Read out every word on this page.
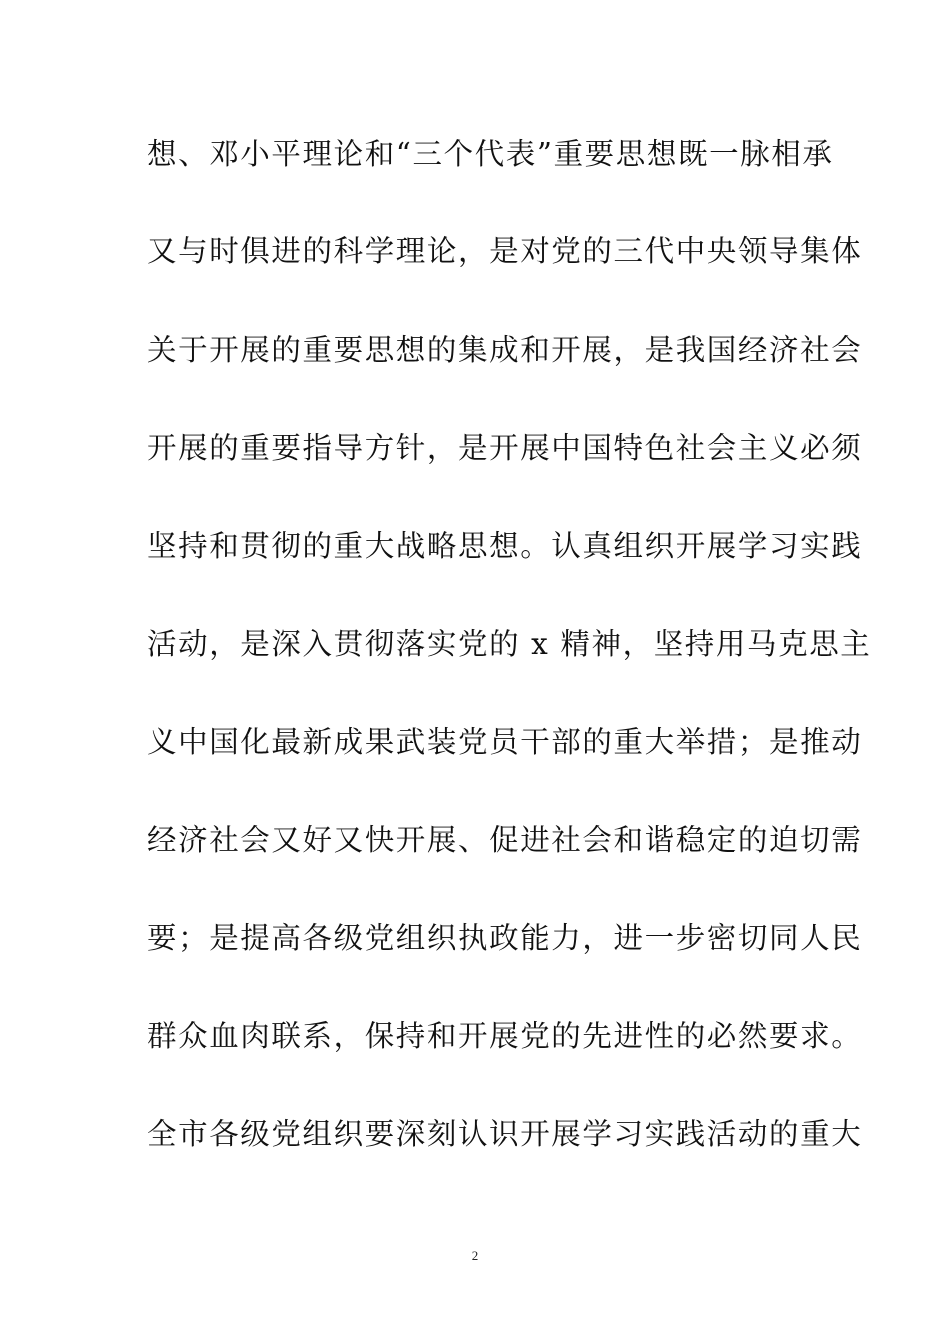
想、邓小平理论和“三个代表”重要思想既一脉相承
又与时俱进的科学理论，是对党的三代中央领导集体
关于开展的重要思想的集成和开展，是我国经济社会
开展的重要指导方针，是开展中国特色社会主义必须
坚持和贯彻的重大战略思想。认真组织开展学习实践
活动，是深入贯彻落实党的 x 精神，坚持用马克思主
义中国化最新成果武装党员干部的重大举措；是推动
经济社会又好又快开展、促进社会和谐稳定的迫切需
要；是提高各级党组织执政能力，进一步密切同人民
群众血肉联系，保持和开展党的先进性的必然要求。
全市各级党组织要深刻认识开展学习实践活动的重大
2
